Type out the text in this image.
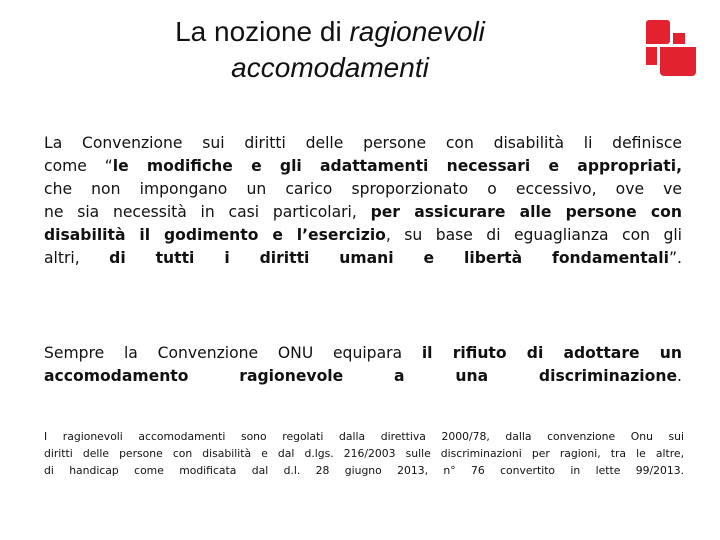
La nozione di ragionevoli
accomodamenti
La Convenzione sui diritti delle persone con disabilità li definisce
come “le modifiche e gli adattamenti necessari e appropriati,
che non impongano un carico sproporzionato o eccessivo, ove ve
ne sia necessità in casi particolari, per assicurare alle persone con
disabilità il godimento e l’esercizio, su base di eguaglianza con gli
altri, di tutti i diritti umani e libertà fondamentali”.
Sempre la Convenzione ONU equipara il rifiuto di adottare un
accomodamento ragionevole a una discriminazione.
I ragionevoli accomodamenti sono regolati dalla direttiva 2000/78, dalla convenzione Onu sui
diritti delle persone con disabilità e dal d.lgs. 216/2003 sulle discriminazioni per ragioni, tra le altre,
di handicap come modificata dal d.l. 28 giugno 2013, n° 76 convertito in lette 99/2013.
